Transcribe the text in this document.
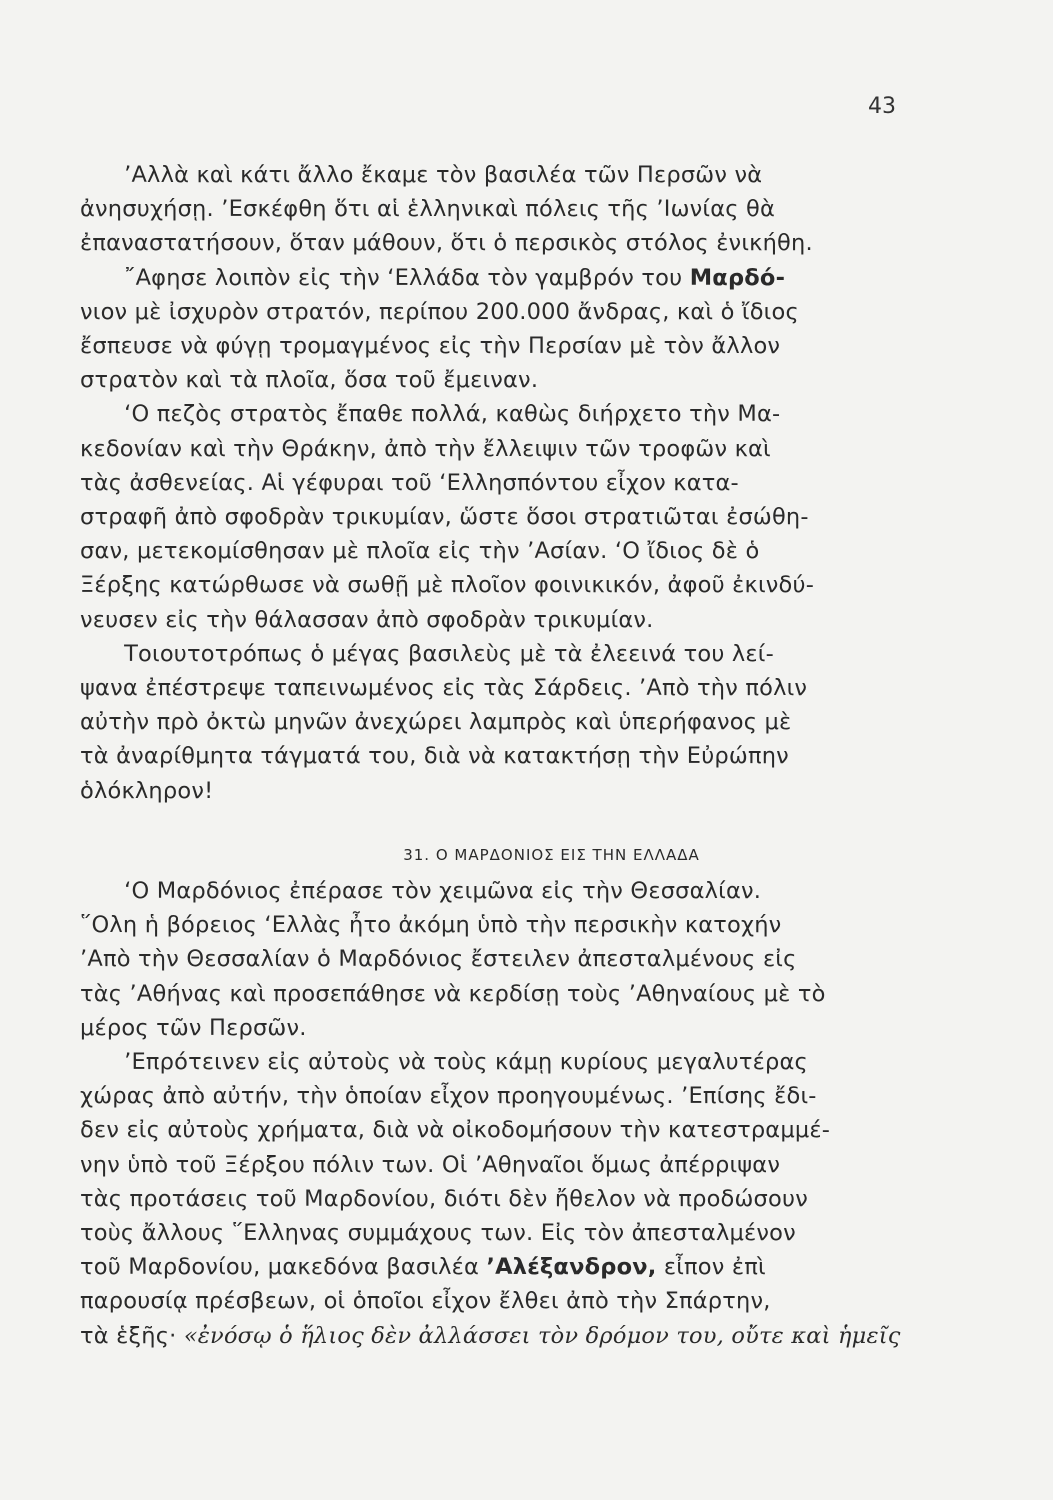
43
’Αλλὰ καὶ κάτι ἄλλο ἔκαμε τὸν βασιλέα τῶν Περσῶν νὰ
ἀνησυχήσῃ. ’Εσκέφθη ὅτι αἱ ἑλληνικαὶ πόλεις τῆς ’Ιωνίας θὰ
ἐπαναστατήσουν, ὅταν μάθουν, ὅτι ὁ περσικὸς στόλος ἐνικήθη.
῎Αφησε λοιπὸν εἰς τὴν ‘Ελλάδα τὸν γαμβρόν του Μαρδό-
νιον μὲ ἰσχυρὸν στρατόν, περίπου 200.000 ἄνδρας, καὶ ὁ ἴδιος
ἔσπευσε νὰ φύγῃ τρομαγμένος εἰς τὴν Περσίαν μὲ τὸν ἄλλον
στρατὸν καὶ τὰ πλοῖα, ὅσα τοῦ ἔμειναν.
‘Ο πεζὸς στρατὸς ἔπαθε πολλά, καθὼς διήρχετο τὴν Μα-
κεδονίαν καὶ τὴν Θράκην, ἀπὸ τὴν ἔλλειψιν τῶν τροφῶν καὶ
τὰς ἀσθενείας. Αἱ γέφυραι τοῦ ‘Ελλησπόντου εἶχον κατα-
στραφῆ ἀπὸ σφοδρὰν τρικυμίαν, ὥστε ὅσοι στρατιῶται ἐσώθη-
σαν, μετεκομίσθησαν μὲ πλοῖα εἰς τὴν ’Ασίαν. ‘Ο ἴδιος δὲ ὁ
Ξέρξης κατώρθωσε νὰ σωθῇ μὲ πλοῖον φοινικικόν, ἀφοῦ ἐκινδύ-
νευσεν εἰς τὴν θάλασσαν ἀπὸ σφοδρὰν τρικυμίαν.
Τοιουτοτρόπως ὁ μέγας βασιλεὺς μὲ τὰ ἐλεεινά του λεί-
ψανα ἐπέστρεψε ταπεινωμένος εἰς τὰς Σάρδεις. ’Απὸ τὴν πόλιν
αὐτὴν πρὸ ὀκτὼ μηνῶν ἀνεχώρει λαμπρὸς καὶ ὑπερήφανος μὲ
τὰ ἀναρίθμητα τάγματά του, διὰ νὰ κατακτήσῃ τὴν Εὐρώπην
ὁλόκληρον!
31. Ο ΜΑΡΔΟΝΙΟΣ ΕΙΣ ΤΗΝ ΕΛΛΑΔΑ
‘Ο Μαρδόνιος ἐπέρασε τὸν χειμῶνα εἰς τὴν Θεσσαλίαν.
῞Ολη ἡ βόρειος ‘Ελλὰς ἦτο ἀκόμη ὑπὸ τὴν περσικὴν κατοχήν
’Απὸ τὴν Θεσσαλίαν ὁ Μαρδόνιος ἔστειλεν ἀπεσταλμένους εἰς
τὰς ’Αθήνας καὶ προσεπάθησε νὰ κερδίσῃ τοὺς ’Αθηναίους μὲ τὸ
μέρος τῶν Περσῶν.
’Επρότεινεν εἰς αὐτοὺς νὰ τοὺς κάμῃ κυρίους μεγαλυτέρας
χώρας ἀπὸ αὐτήν, τὴν ὁποίαν εἶχον προηγουμένως. ’Επίσης ἔδι-
δεν εἰς αὐτοὺς χρήματα, διὰ νὰ οἰκοδομήσουν τὴν κατεστραμμέ-
νην ὑπὸ τοῦ Ξέρξου πόλιν των. Οἱ ’Αθηναῖοι ὅμως ἀπέρριψαν
τὰς προτάσεις τοῦ Μαρδονίου, διότι δὲν ἤθελον νὰ προδώσουν
τοὺς ἄλλους ῞Ελληνας συμμάχους των. Εἰς τὸν ἀπεσταλμένον
τοῦ Μαρδονίου, μακεδόνα βασιλέα ’Αλέξανδρον, εἶπον ἐπὶ
παρουσίᾳ πρέσβεων, οἱ ὁποῖοι εἶχον ἔλθει ἀπὸ τὴν Σπάρτην,
τὰ ἑξῆς· «ἐνόσῳ ὁ ἥλιος δὲν ἀλλάσσει τὸν δρόμον του, οὔτε καὶ ἡμεῖς
